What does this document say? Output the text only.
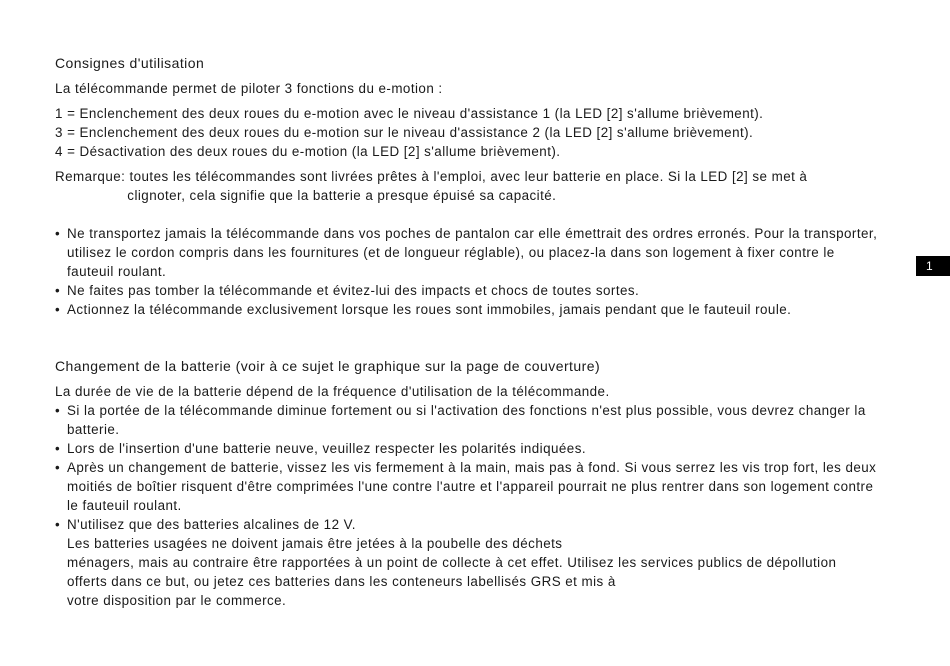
Consignes d'utilisation
La télécommande permet de piloter 3 fonctions du e-motion :
1 = Enclenchement des deux roues du e-motion avec le niveau d'assistance 1 (la LED [2] s'allume brièvement).
3 = Enclenchement des deux roues du e-motion sur le niveau d'assistance 2 (la LED [2] s'allume brièvement).
4 = Désactivation des deux roues du e-motion (la LED [2] s'allume brièvement).
Remarque: toutes les télécommandes sont livrées prêtes à l'emploi, avec leur batterie en place. Si la LED [2] se met à
clignoter, cela signifie que la batterie a presque épuisé sa capacité.
• Ne transportez jamais la télécommande dans vos poches de pantalon car elle émettrait des ordres erronés. Pour la transporter,
utilisez le cordon compris dans les fournitures (et de longueur réglable), ou placez-la dans son logement à fixer contre le
fauteuil roulant.
• Ne faites pas tomber la télécommande et évitez-lui des impacts et chocs de toutes sortes.
• Actionnez la télécommande exclusivement lorsque les roues sont immobiles, jamais pendant que le fauteuil roule.
Changement de la batterie (voir à ce sujet le graphique sur la page de couverture)
La durée de vie de la batterie dépend de la fréquence d'utilisation de la télécommande.
• Si la portée de la télécommande diminue fortement ou si l'activation des fonctions n'est plus possible, vous devrez changer la
batterie.
• Lors de l'insertion d'une batterie neuve, veuillez respecter les polarités indiquées.
• Après un changement de batterie, vissez les vis fermement à la main, mais pas à fond. Si vous serrez les vis trop fort, les deux
moitiés de boîtier risquent d'être comprimées l'une contre l'autre et l'appareil pourrait ne plus rentrer dans son logement contre
le fauteuil roulant.
• N'utilisez que des batteries alcalines de 12 V.
Les batteries usagées ne doivent jamais être jetées à la poubelle des déchets
ménagers, mais au contraire être rapportées à un point de collecte à cet effet. Utilisez les services publics de dépollution
offerts dans ce but, ou jetez ces batteries dans les conteneurs labellisés GRS et mis à
votre disposition par le commerce.
1
